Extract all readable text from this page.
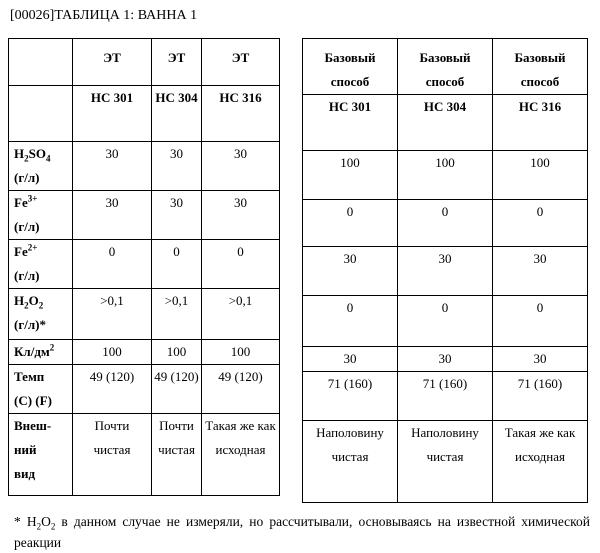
[00026]ТАБЛИЦА 1: ВАННА 1
	ЭТ	ЭТ	ЭТ
	НС 301	НС 304	НС 316

$H_2SO_4$
(г/л)	30	30	30

$Fe^{3+}$
(г/л)	30	30	30

$Fe^{2+}$
(г/л)	0	0	0

$H_2O_2$
(г/л)*	>0,1	>0,1	>0,1
$Кл/дм^2$	100	100	100

Темп
(C) (F)	49 (120)	49 (120)	49 (120)

Внеш-
ний
вид	Почти чистая	Почти чистая	Такая же как исходная
Базовый способ	Базовый способ	Базовый способ
НС 301	НС 304	НС 316
100	100	100
0	0	0
30	30	30
0	0	0
30	30	30
71 (160)	71 (160)	71 (160)
Наполовину чистая	Наполовину чистая	Такая же как исходная
* $H_2O_2$ в данном случае не измеряли, но рассчитывали, основываясь на известной химической реакции
